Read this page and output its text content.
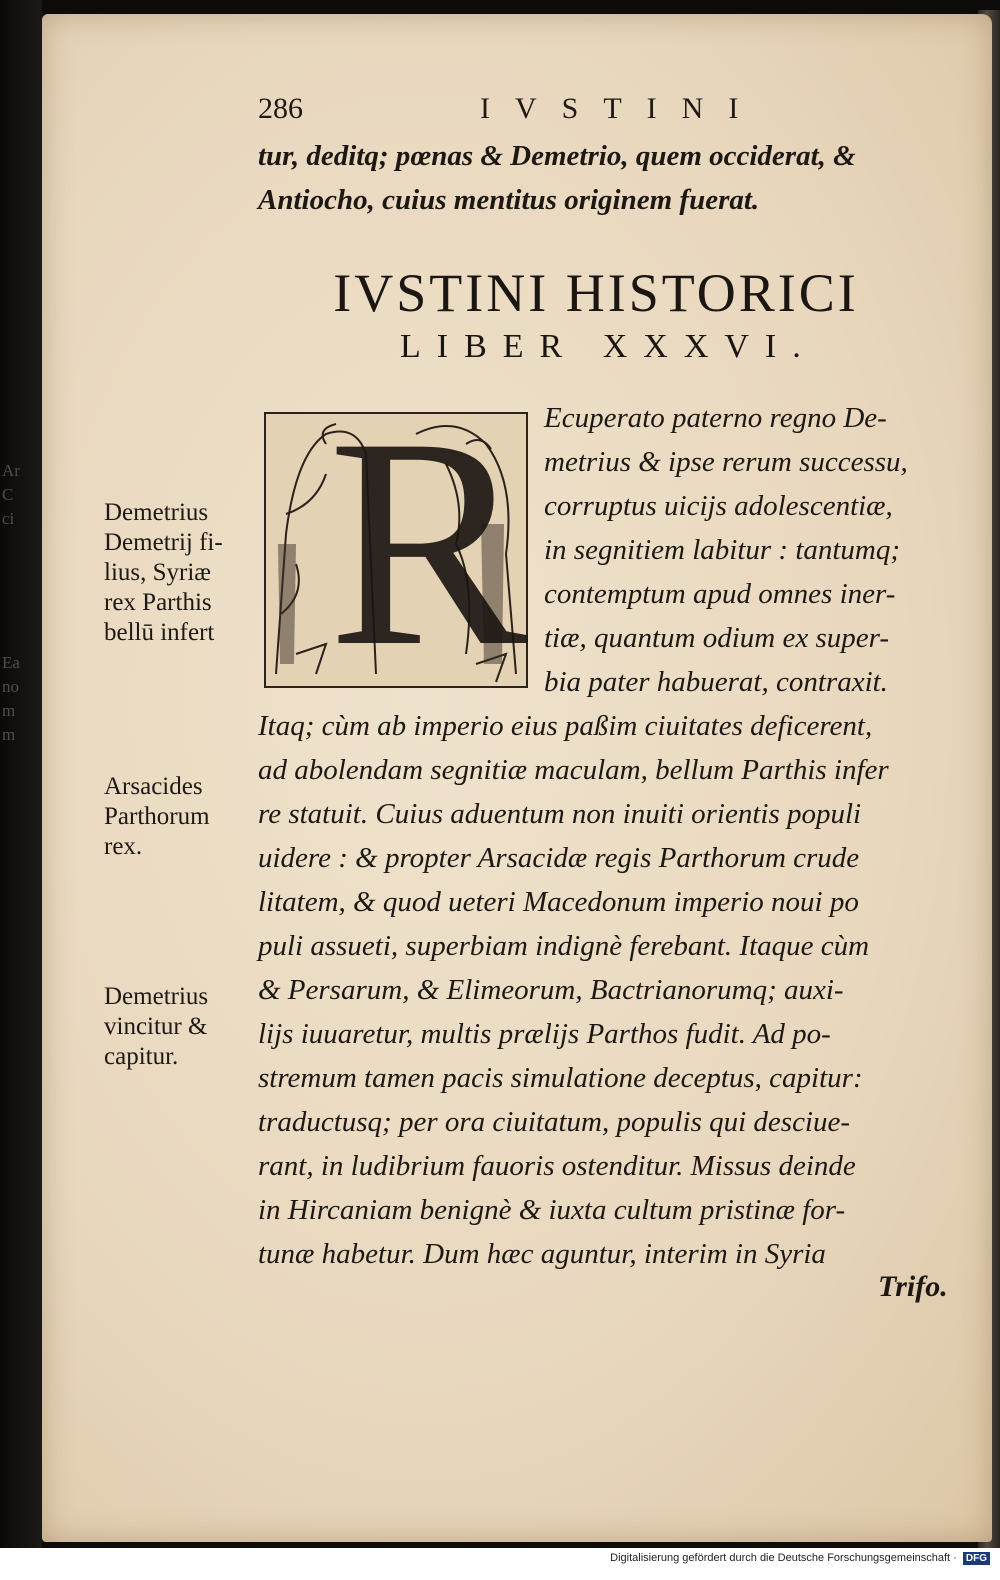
Ar
C
ci
Ea
no
m
m
286	IVSTINI
tur, deditq; pœnas & Demetrio, quem occiderat, &
Antiocho, cuius mentitus originem fuerat.
IVSTINI HISTORICI
LIBER XXXVI.
R Ecuperato paterno regno De-
metrius & ipse rerum successu,
corruptus uicijs adolescentiæ,
in segnitiem labitur : tantumq;
contemptum apud omnes iner-
tiæ, quantum odium ex super-
bia pater habuerat, contraxit.
Itaq; cùm ab imperio eius paßim ciuitates deficerent,
ad abolendam segnitiæ maculam, bellum Parthis infer
re statuit. Cuius aduentum non inuiti orientis populi
uidere : & propter Arsacidæ regis Parthorum crude
litatem, & quod ueteri Macedonum imperio noui po
puli assueti, superbiam indignè ferebant. Itaque cùm
& Persarum, & Elimeorum, Bactrianorumq; auxi-
lijs iuuaretur, multis prælijs Parthos fudit. Ad po-
stremum tamen pacis simulatione deceptus, capitur:
traductusq; per ora ciuitatum, populis qui desciue-
rant, in ludibrium fauoris ostenditur. Missus deinde
in Hircaniam benignè & iuxta cultum pristinæ for-
tunæ habetur. Dum hæc aguntur, interim in Syria
Trifo.
Demetrius
Demetrij fi-
lius, Syriæ
rex Parthis
bellū infert
Arsacides
Parthorum
rex.
Demetrius
vincitur &
capitur.
Digitalisierung gefördert durch die Deutsche Forschungsgemeinschaft · DFG
